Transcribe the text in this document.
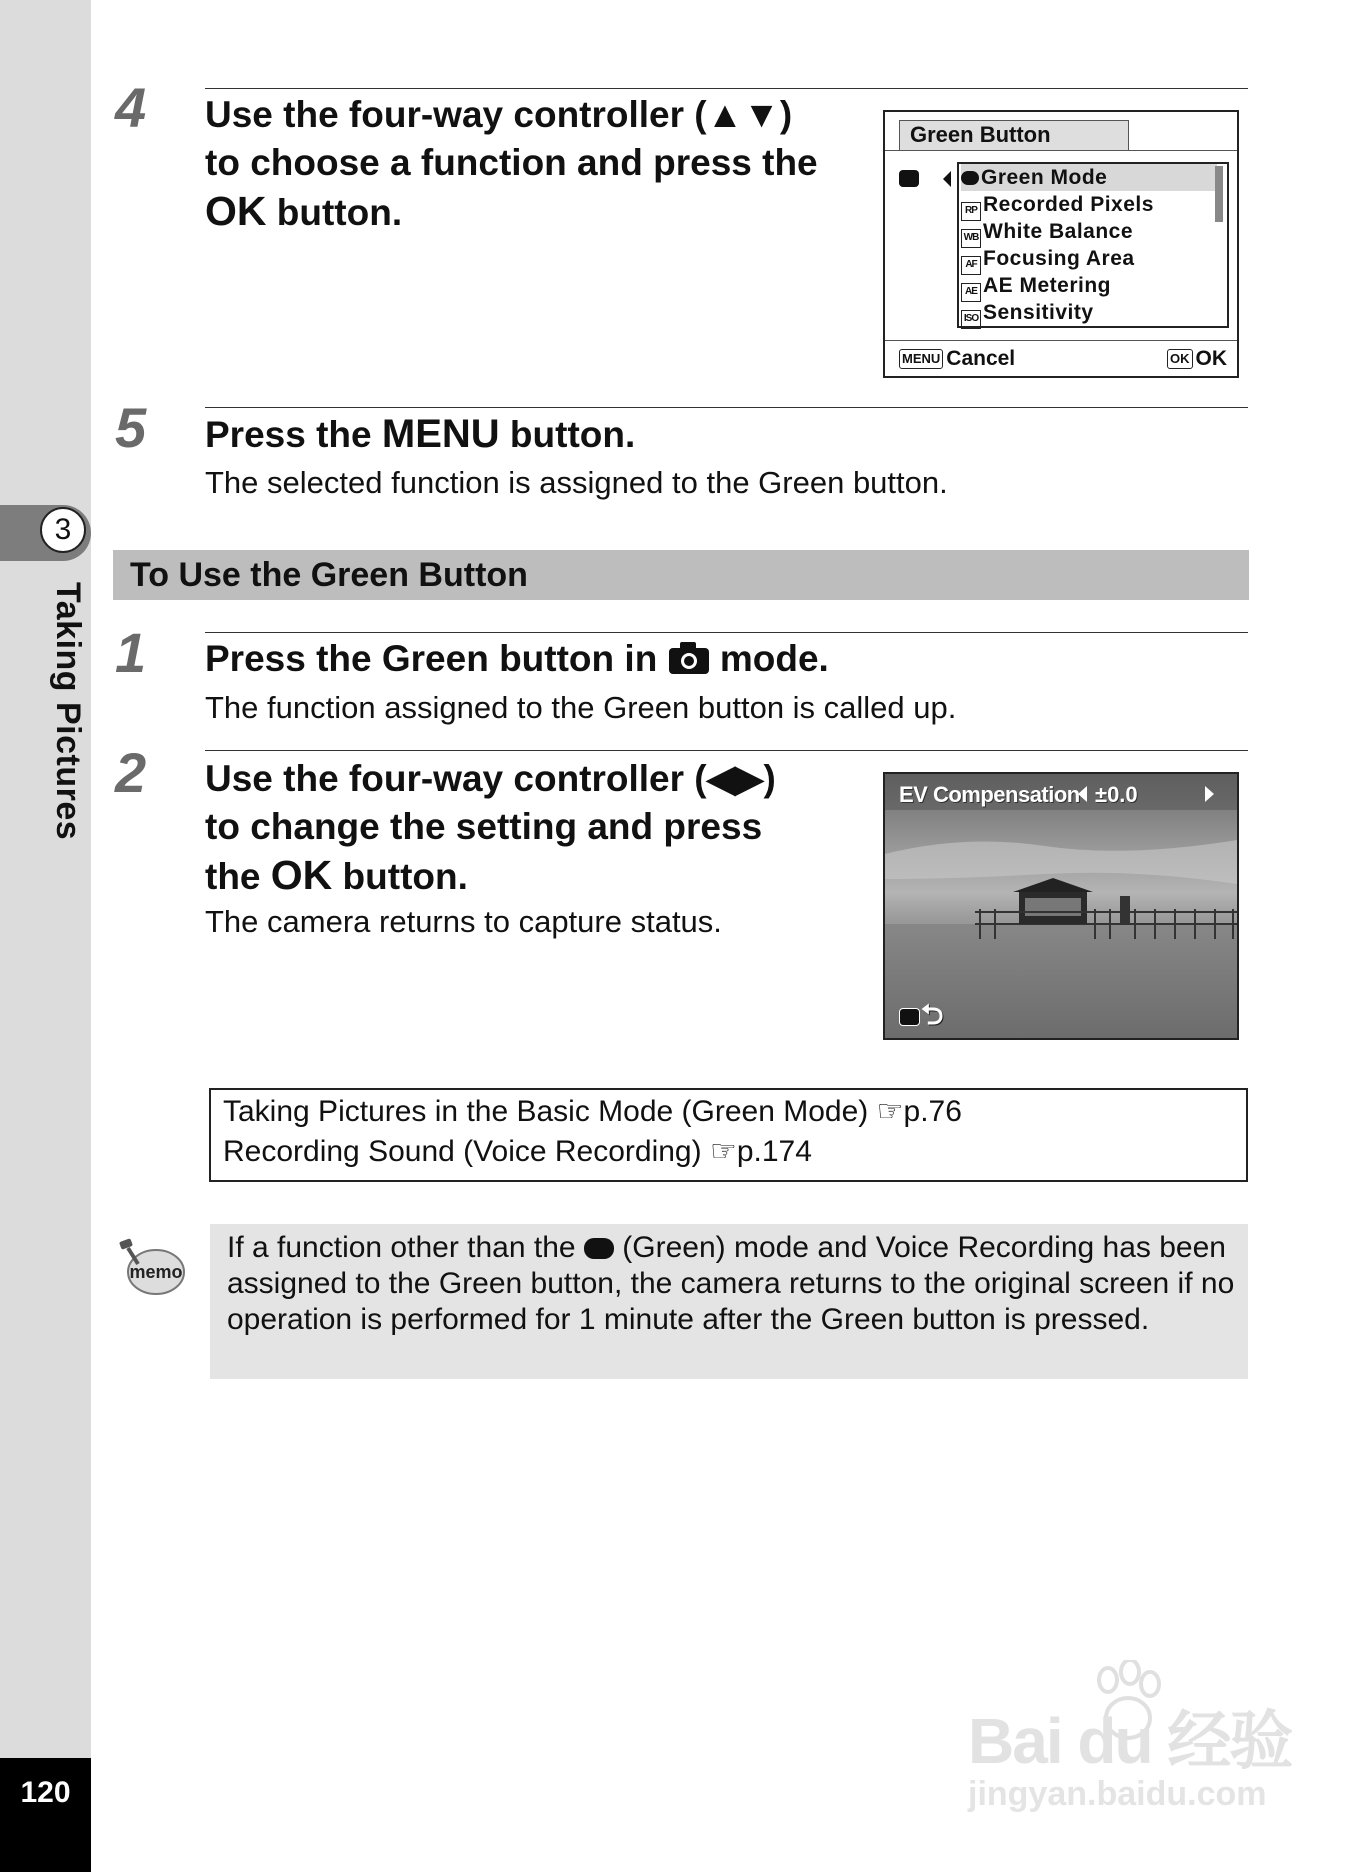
3
Taking Pictures
120
4 Use the four-way controller (▲▼)
to choose a function and press the
OK button.
Green Button
Green Mode
RP Recorded Pixels
WB White Balance
AF Focusing Area
AE AE Metering
ISO Sensitivity
MENU Cancel	OK OK
5 Press the MENU button.
The selected function is assigned to the Green button.
To Use the Green Button
1 Press the Green button in  mode.
The function assigned to the Green button is called up.
2 Use the four-way controller (◀▶)
to change the setting and press
the OK button.
The camera returns to capture status.
EV Compensation ±0.0
⮌
Taking Pictures in the Basic Mode (Green Mode) ☞p.76
Recording Sound (Voice Recording) ☞p.174
memo
If a function other than the  (Green) mode and Voice Recording has been assigned to the Green button, the camera returns to the original screen if no operation is performed for 1 minute after the Green button is pressed.
Bai du 经验
jingyan.baidu.com
